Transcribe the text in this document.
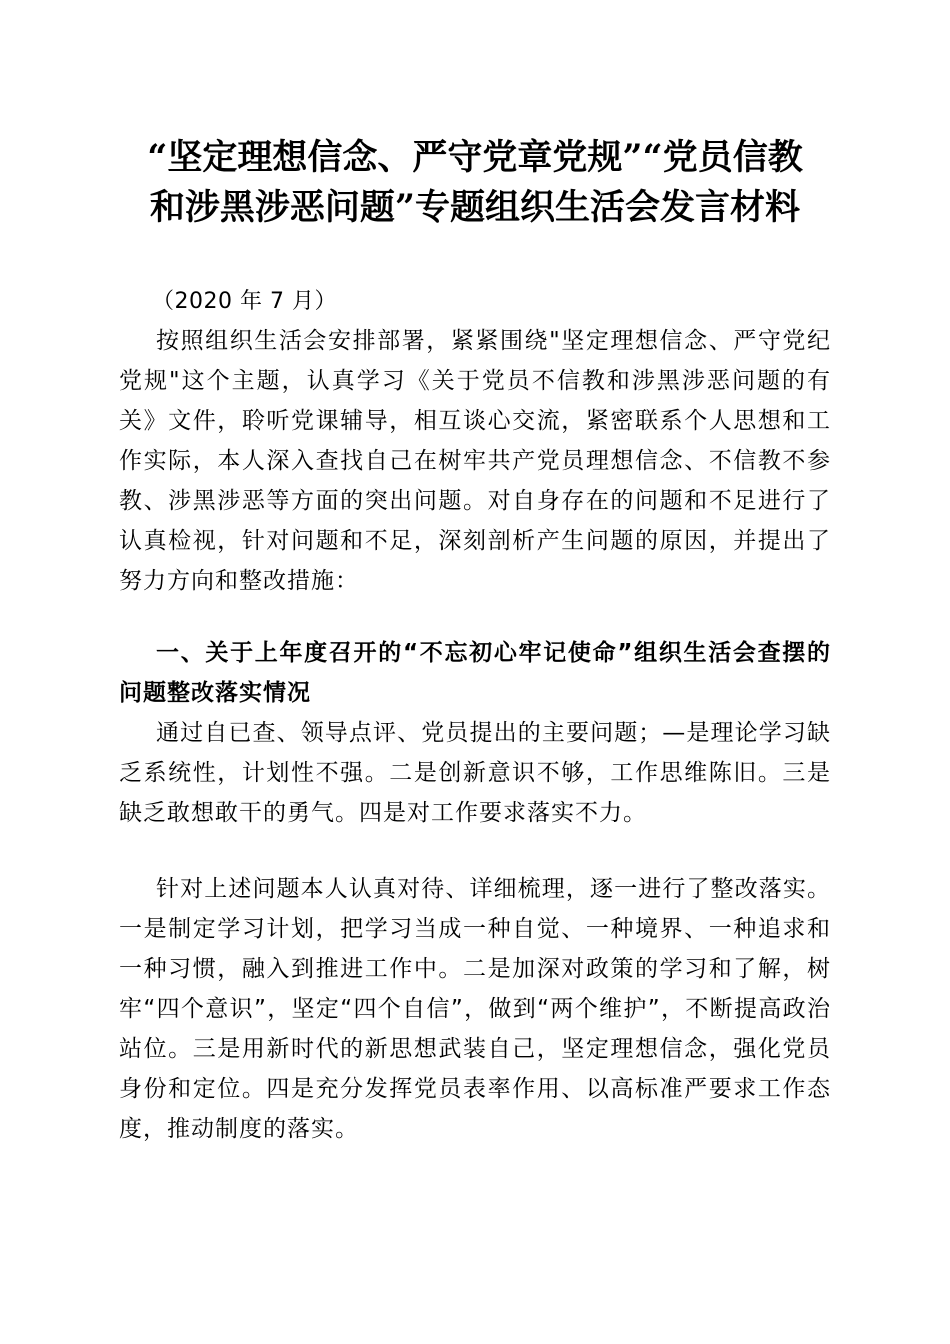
“坚定理想信念、严守党章党规”“党员信教
和涉黑涉恶问题”专题组织生活会发言材料

（2020 年 7 月）

按照组织生活会安排部署，紧紧围绕"坚定理想信念、严守党纪党规"这个主题，认真学习《关于党员不信教和涉黑涉恶问题的有关》文件，聆听党课辅导，相互谈心交流，紧密联系个人思想和工作实际，本人深入查找自己在树牢共产党员理想信念、不信教不参教、涉黑涉恶等方面的突出问题。对自身存在的问题和不足进行了认真检视，针对问题和不足，深刻剖析产生问题的原因，并提出了努力方向和整改措施：

一、关于上年度召开的“不忘初心牢记使命”组织生活会查摆的问题整改落实情况

通过自已查、领导点评、党员提出的主要问题；—是理论学习缺乏系统性，计划性不强。二是创新意识不够，工作思维陈旧。三是缺乏敢想敢干的勇气。四是对工作要求落实不力。

针对上述问题本人认真对待、详细梳理，逐一进行了整改落实。一是制定学习计划，把学习当成一种自觉、一种境界、一种追求和一种习惯，融入到推进工作中。二是加深对政策的学习和了解，树牢“四个意识”，坚定“四个自信”，做到“两个维护”，不断提高政治站位。三是用新时代的新思想武装自己，坚定理想信念，强化党员身份和定位。四是充分发挥党员表率作用、以高标准严要求工作态度，推动制度的落实。
